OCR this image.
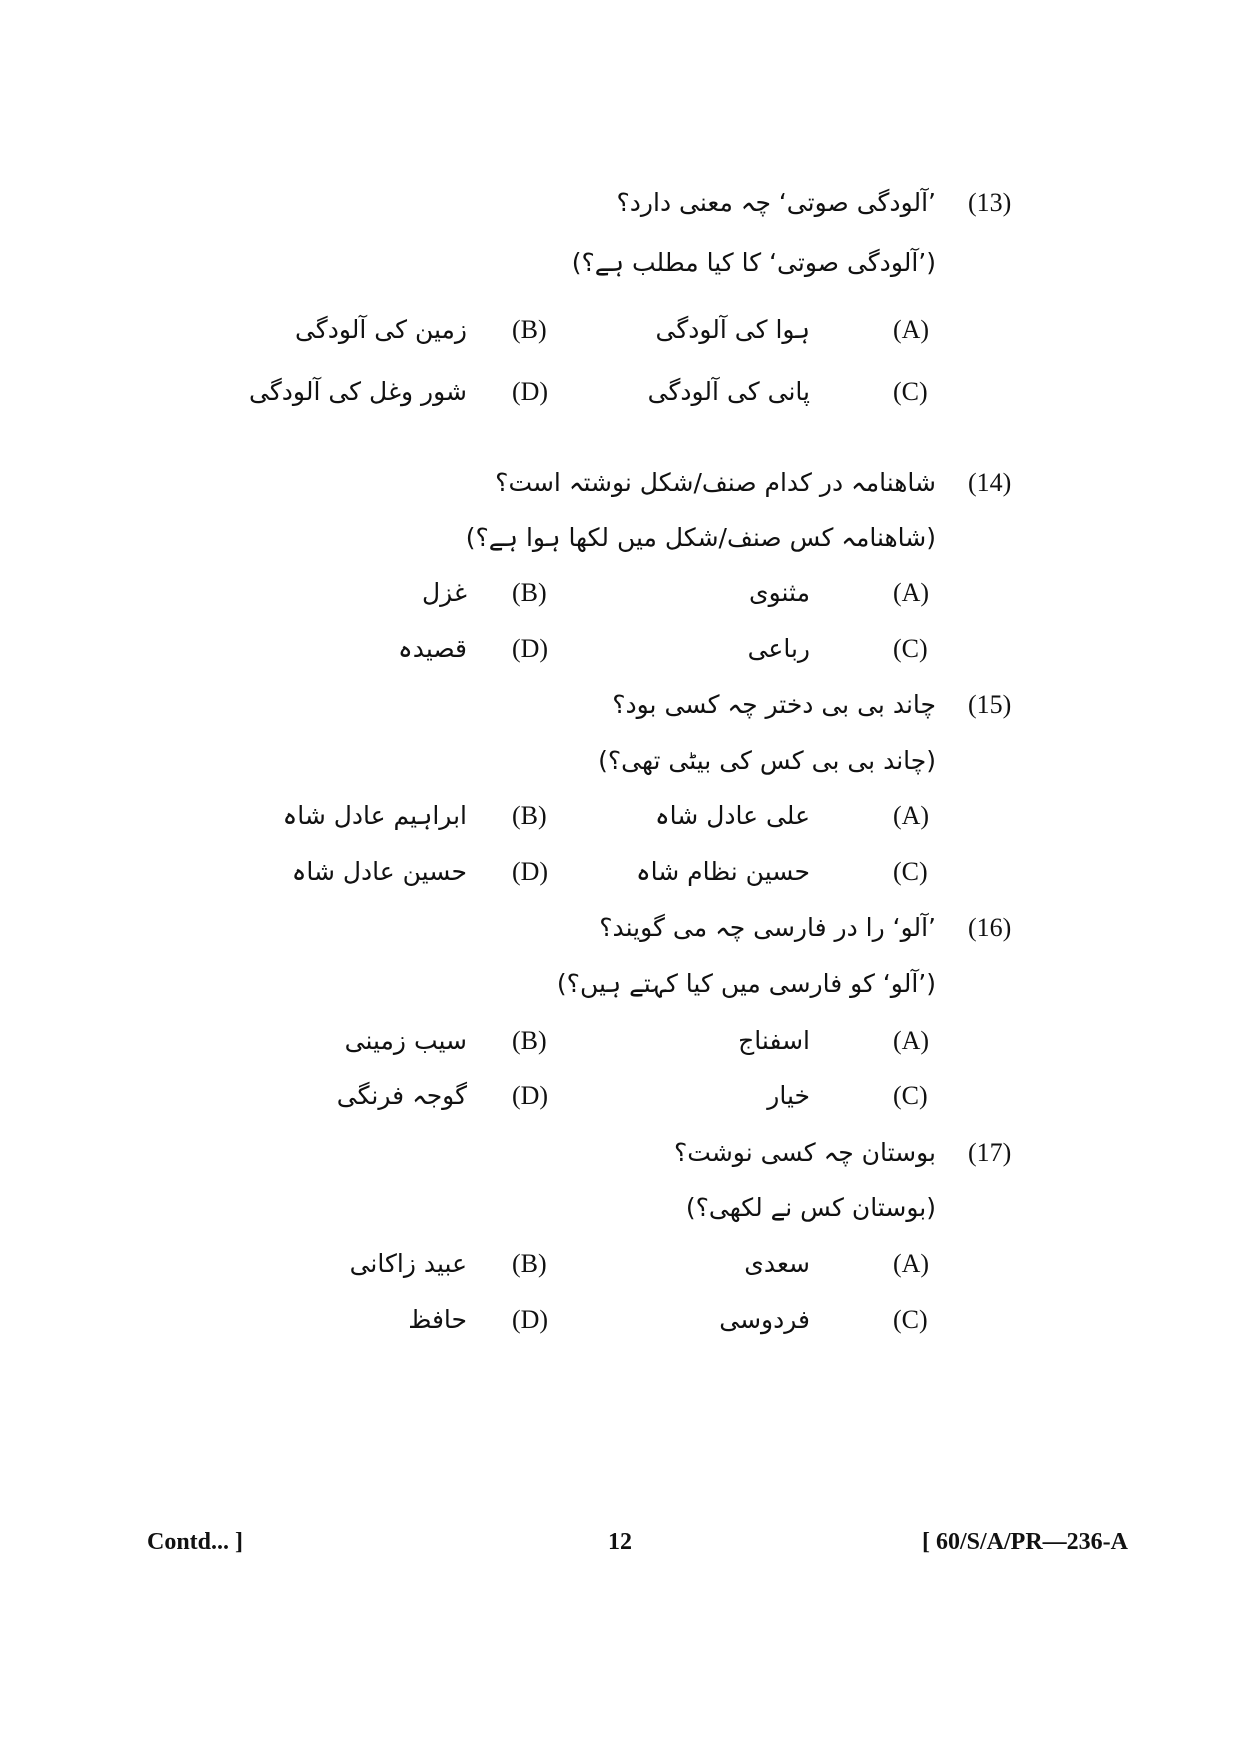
(13)
’آلودگی صوتی‘ چہ معنی دارد؟
(’آلودگی صوتی‘ کا کیا مطلب ہے؟)
(A)
ہوا کی آلودگی
(B)
زمین کی آلودگی
(C)
پانی کی آلودگی
(D)
شور وغل کی آلودگی
(14)
شاھنامہ در کدام صنف/شکل نوشتہ است؟
(شاھنامہ کس صنف/شکل میں لکھا ہوا ہے؟)
(A)
مثنوی
(B)
غزل
(C)
رباعی
(D)
قصیدہ
(15)
چاند بی بی دختر چہ کسی بود؟
(چاند بی بی کس کی بیٹی تھی؟)
(A)
علی عادل شاہ
(B)
ابراہیم عادل شاہ
(C)
حسین نظام شاہ
(D)
حسین عادل شاہ
(16)
’آلو‘ را در فارسی چہ می گویند؟
(’آلو‘ کو فارسی میں کیا کہتے ہیں؟)
(A)
اسفناج
(B)
سیب زمینی
(C)
خیار
(D)
گوجہ فرنگی
(17)
بوستان چہ کسی نوشت؟
(بوستان کس نے لکھی؟)
(A)
سعدی
(B)
عبید زاکانی
(C)
فردوسی
(D)
حافظ
Contd... ]	12	[ 60/S/A/PR—236-A
